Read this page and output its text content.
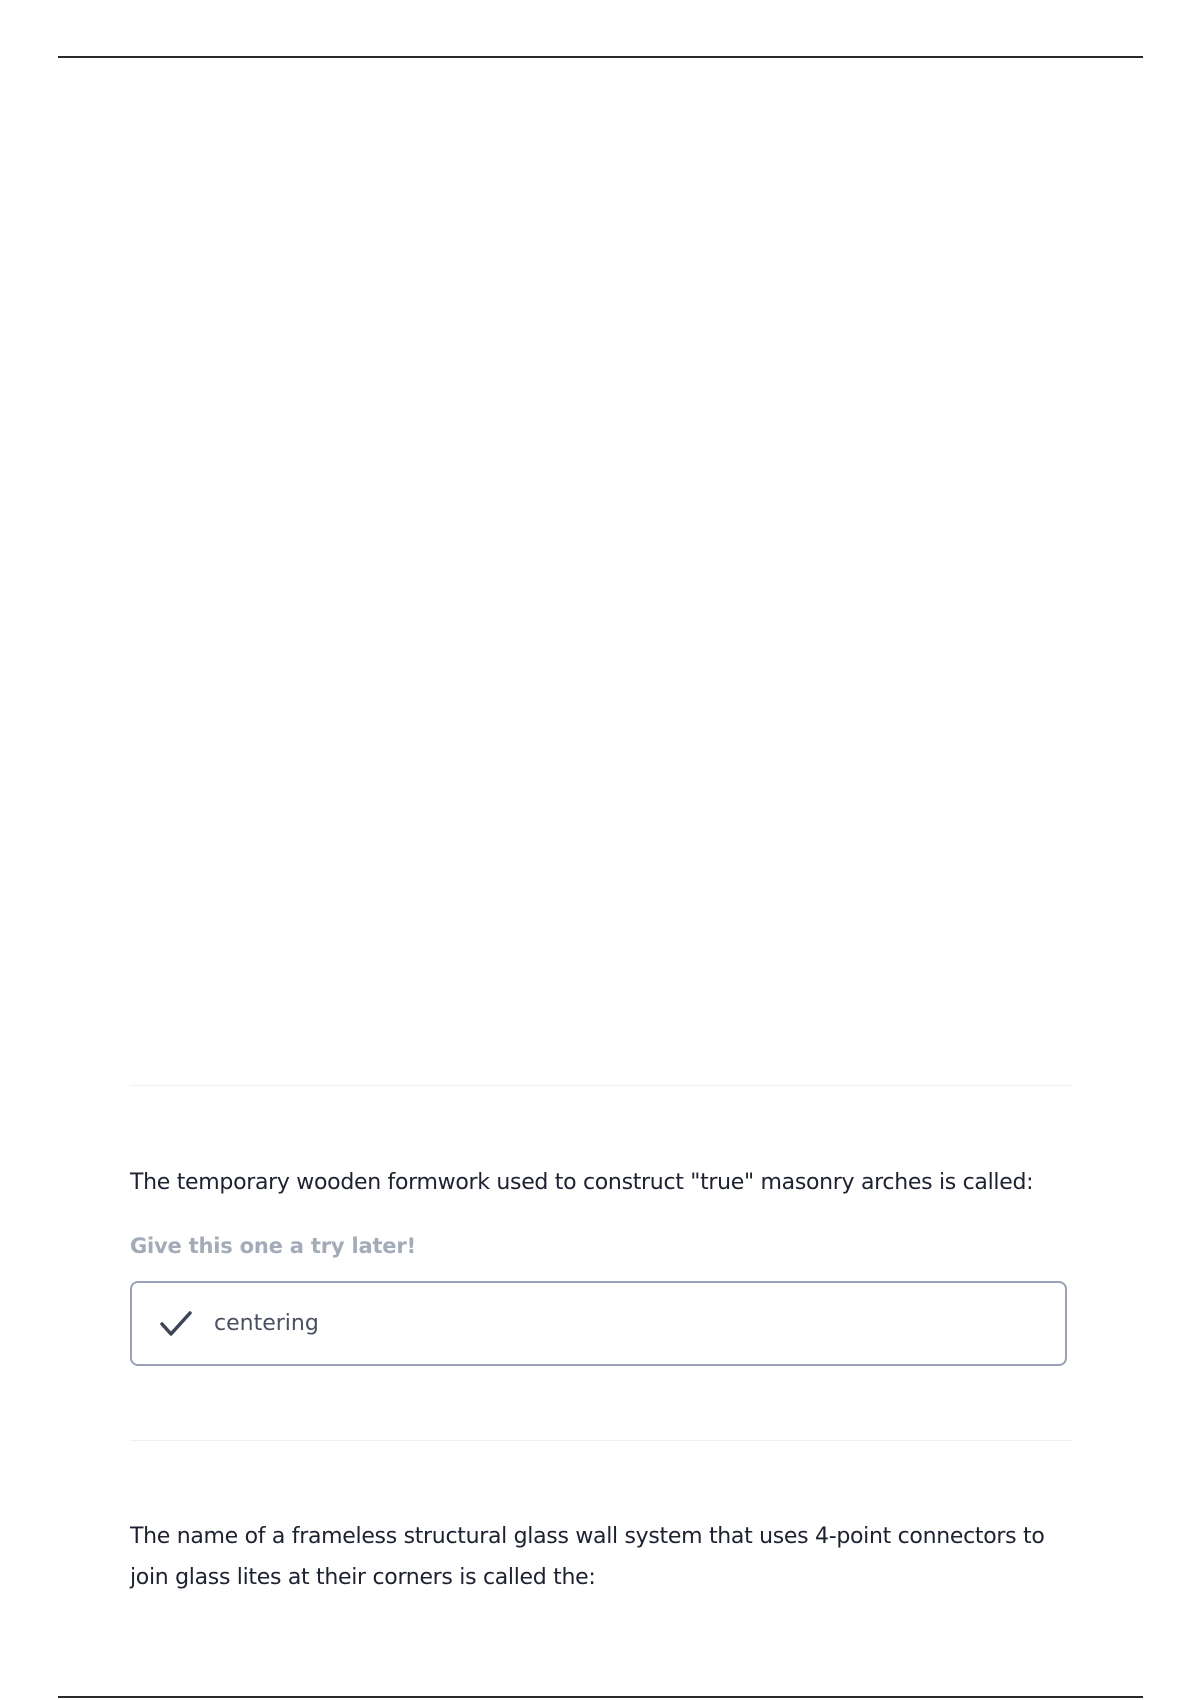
The temporary wooden formwork used to construct "true" masonry arches is called:
Give this one a try later!
centering
The name of a frameless structural glass wall system that uses 4-point connectors to join glass lites at their corners is called the:
